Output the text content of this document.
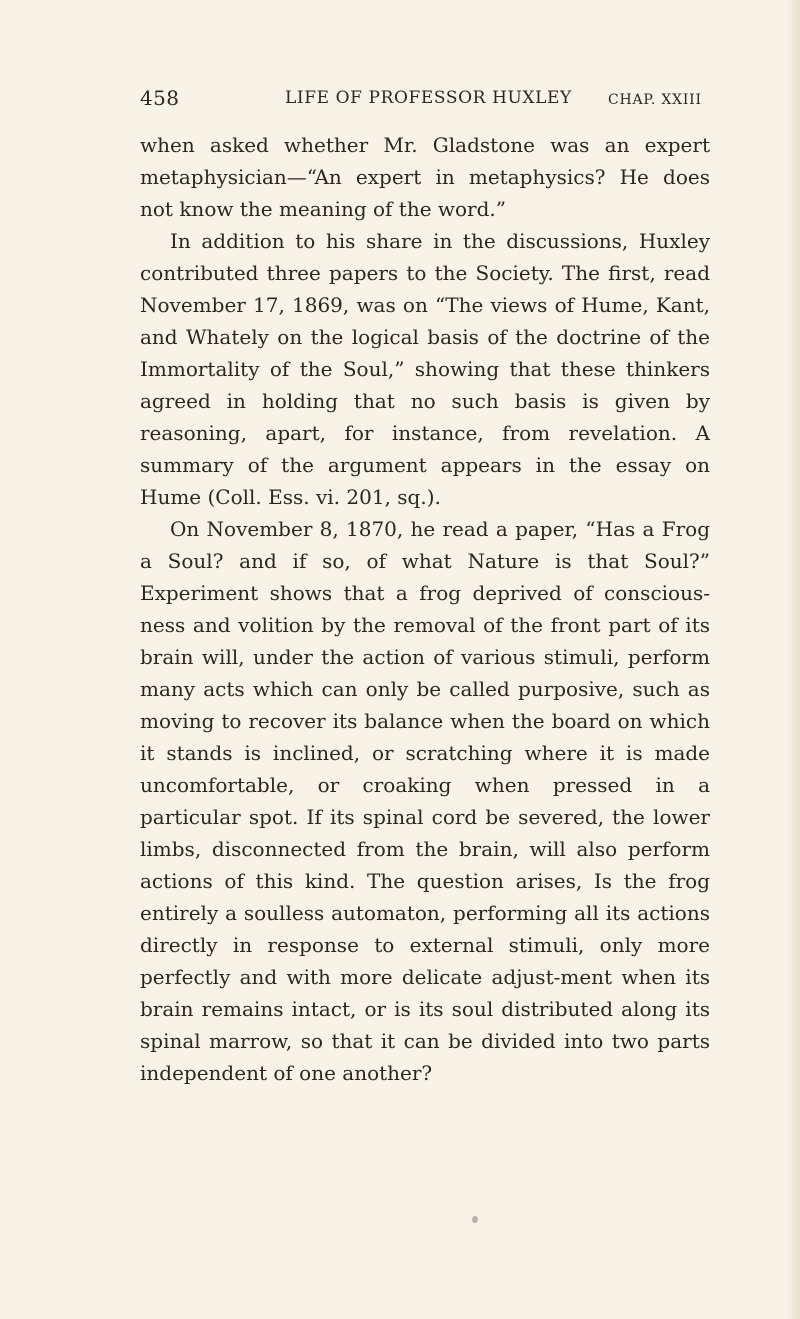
458	LIFE OF PROFESSOR HUXLEY	CHAP. XXIII

when asked whether Mr. Gladstone was an expert metaphysician—“An expert in metaphysics? He does not know the meaning of the word.”

In addition to his share in the discussions, Huxley contributed three papers to the Society. The first, read November 17, 1869, was on “The views of Hume, Kant, and Whately on the logical basis of the doctrine of the Immortality of the Soul,” showing that these thinkers agreed in holding that no such basis is given by reasoning, apart, for instance, from revelation. A summary of the argument appears in the essay on Hume (Coll. Ess. vi. 201, sq.).

On November 8, 1870, he read a paper, “Has a Frog a Soul? and if so, of what Nature is that Soul?” Experiment shows that a frog deprived of conscious-ness and volition by the removal of the front part of its brain will, under the action of various stimuli, perform many acts which can only be called purposive, such as moving to recover its balance when the board on which it stands is inclined, or scratching where it is made uncomfortable, or croaking when pressed in a particular spot. If its spinal cord be severed, the lower limbs, disconnected from the brain, will also perform actions of this kind. The question arises, Is the frog entirely a soulless automaton, performing all its actions directly in response to external stimuli, only more perfectly and with more delicate adjust-ment when its brain remains intact, or is its soul distributed along its spinal marrow, so that it can be divided into two parts independent of one another?
